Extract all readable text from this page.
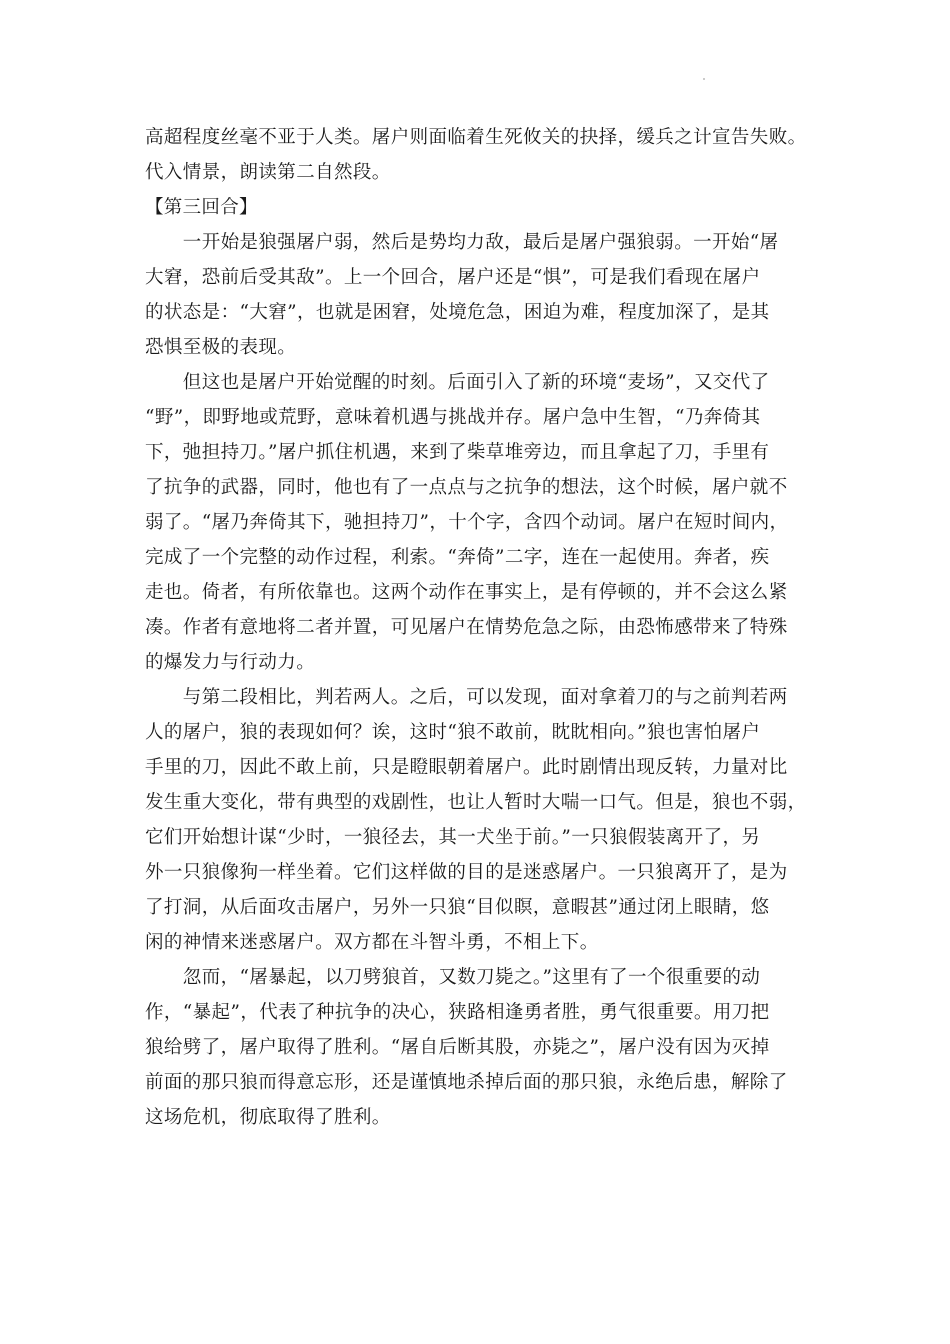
高超程度丝毫不亚于人类。屠户则面临着生死攸关的抉择，缓兵之计宣告失败。
代入情景，朗读第二自然段。
【第三回合】
　　一开始是狼强屠户弱，然后是势均力敌，最后是屠户强狼弱。一开始“屠
大窘，恐前后受其敌”。上一个回合，屠户还是“惧”，可是我们看现在屠户
的状态是：“大窘”，也就是困窘，处境危急，困迫为难，程度加深了，是其
恐惧至极的表现。
　　但这也是屠户开始觉醒的时刻。后面引入了新的环境“麦场”，又交代了
“野”，即野地或荒野，意味着机遇与挑战并存。屠户急中生智，“乃奔倚其
下，弛担持刀。”屠户抓住机遇，来到了柴草堆旁边，而且拿起了刀，手里有
了抗争的武器，同时，他也有了一点点与之抗争的想法，这个时候，屠户就不
弱了。“屠乃奔倚其下，驰担持刀”，十个字，含四个动词。屠户在短时间内，
完成了一个完整的动作过程，利索。“奔倚”二字，连在一起使用。奔者，疾
走也。倚者，有所依靠也。这两个动作在事实上，是有停顿的，并不会这么紧
凑。作者有意地将二者并置，可见屠户在情势危急之际，由恐怖感带来了特殊
的爆发力与行动力。
　　与第二段相比，判若两人。之后，可以发现，面对拿着刀的与之前判若两
人的屠户，狼的表现如何？诶，这时“狼不敢前，眈眈相向。”狼也害怕屠户
手里的刀，因此不敢上前，只是瞪眼朝着屠户。此时剧情出现反转，力量对比
发生重大变化，带有典型的戏剧性，也让人暂时大喘一口气。但是，狼也不弱，
它们开始想计谋“少时，一狼径去，其一犬坐于前。”一只狼假装离开了，另
外一只狼像狗一样坐着。它们这样做的目的是迷惑屠户。一只狼离开了，是为
了打洞，从后面攻击屠户，另外一只狼“目似瞑，意暇甚”通过闭上眼睛，悠
闲的神情来迷惑屠户。双方都在斗智斗勇，不相上下。
　　忽而，“屠暴起，以刀劈狼首，又数刀毙之。”这里有了一个很重要的动
作，“暴起”，代表了种抗争的决心，狭路相逢勇者胜，勇气很重要。用刀把
狼给劈了，屠户取得了胜利。“屠自后断其股，亦毙之”，屠户没有因为灭掉
前面的那只狼而得意忘形，还是谨慎地杀掉后面的那只狼，永绝后患，解除了
这场危机，彻底取得了胜利。
